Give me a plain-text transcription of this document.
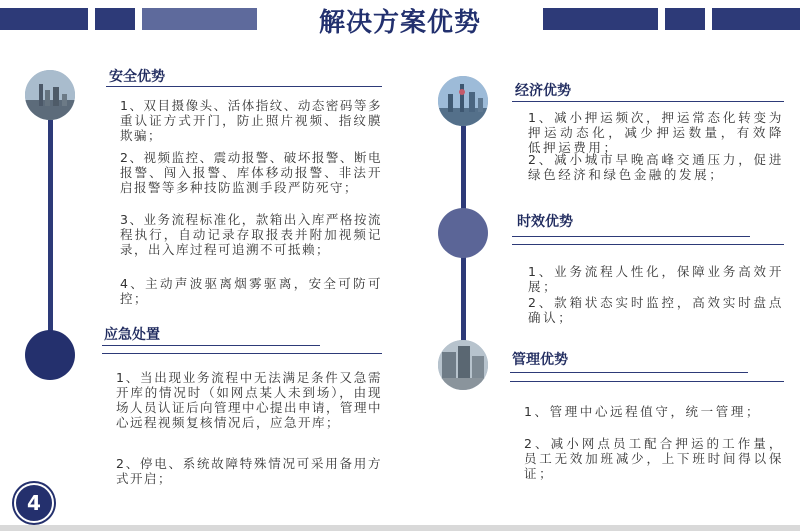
解决方案优势
安全优势
1、双目摄像头、活体指纹、动态密码等多重认证方式开门，防止照片视频、指纹膜欺骗；
2、视频监控、震动报警、破坏报警、断电报警、闯入报警、库体移动报警、非法开启报警等多种技防监测手段严防死守；
3、业务流程标准化，款箱出入库严格按流程执行，自动记录存取报表并附加视频记录，出入库过程可追溯不可抵赖；
4、主动声波驱离烟雾驱离，安全可防可控；
应急处置
1、当出现业务流程中无法满足条件又急需开库的情况时（如网点某人未到场），由现场人员认证后向管理中心提出申请，管理中心远程视频复核情况后，应急开库；
2、停电、系统故障特殊情况可采用备用方式开启；
经济优势
1、减小押运频次，押运常态化转变为押运动态化，减少押运数量，有效降低押运费用；
2、减小城市早晚高峰交通压力，促进绿色经济和绿色金融的发展；
时效优势
1、业务流程人性化，保障业务高效开展；
2、款箱状态实时监控，高效实时盘点确认；
管理优势
1、管理中心远程值守，统一管理；
2、减小网点员工配合押运的工作量，员工无效加班减少，上下班时间得以保证；
4
